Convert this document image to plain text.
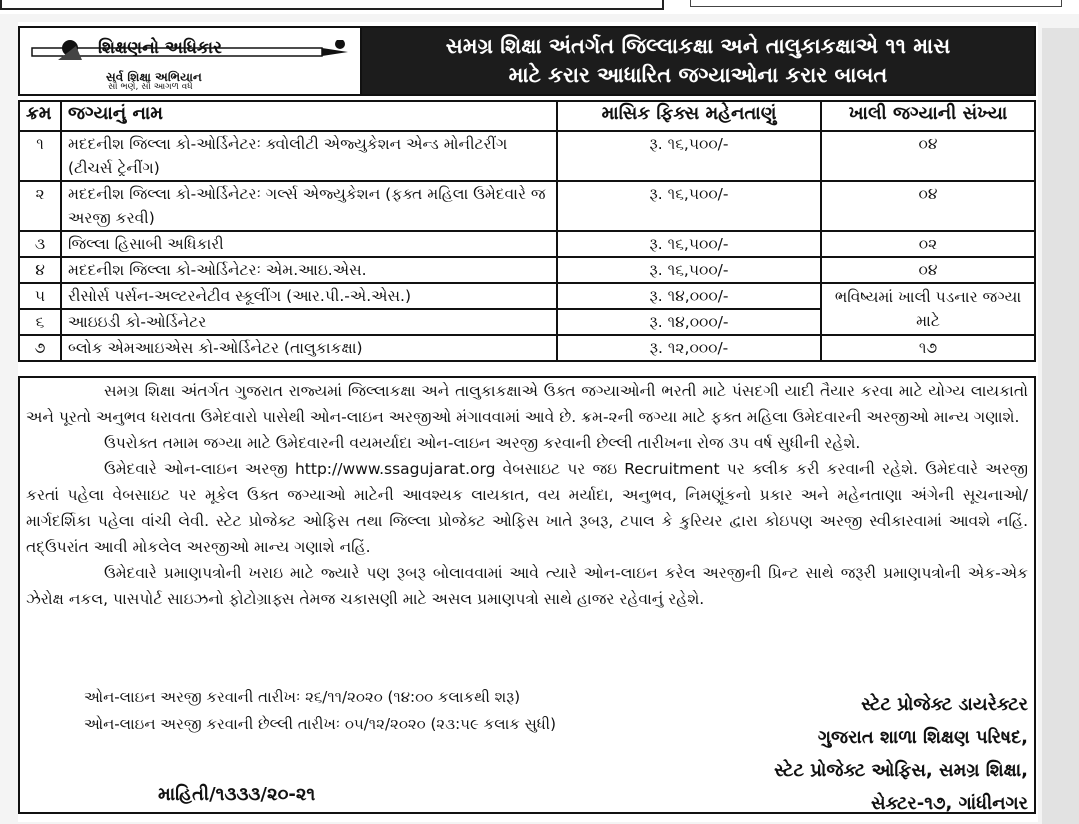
શિક્ષણનો અધિકાર
સર્વ શિક્ષા અભિયાન
સૌ ભણે, સૌ આગળ વધે
સમગ્ર શિક્ષા અંતર્ગત જિલ્લાકક્ષા અને તાલુકાકક્ષાએ ૧૧ માસ
માટે કરાર આધારિત જગ્યાઓના કરાર બાબત
ક્રમ	જગ્યાનું નામ	માસિક ફિક્સ મહેનતાણું	ખાલી જગ્યાની સંખ્યા
૧	મદદનીશ જિલ્લા કો-ઓર્ડિનેટરઃ ક્વોલીટી એજ્યુકેશન એન્ડ મોનીટરીંગ (ટીચર્સ ટ્રેનીંગ)	રૂ. ૧૬,૫૦૦/-	૦૪
૨	મદદનીશ જિલ્લા કો-ઓર્ડિનેટરઃ ગર્લ્સ એજ્યુકેશન (ફક્ત મહિલા ઉમેદવારે જ અરજી કરવી)	રૂ. ૧૬,૫૦૦/-	૦૪
૩	જિલ્લા હિસાબી અધિકારી	રૂ. ૧૬,૫૦૦/-	૦૨
૪	મદદનીશ જિલ્લા કો-ઓર્ડિનેટરઃ એમ.આઇ.એસ.	રૂ. ૧૬,૫૦૦/-	૦૪
૫	રીસોર્સ પર્સન-અલ્ટરનેટીવ સ્કૂલીંગ (આર.પી.-એ.એસ.)	રૂ. ૧૪,૦૦૦/-	ભવિષ્યમાં ખાલી પડનાર જગ્યા માટે
૬	આઇઇડી કો-ઓર્ડિનેટર	રૂ. ૧૪,૦૦૦/-	
૭	બ્લોક એમઆઇએસ કો-ઓર્ડિનેટર (તાલુકાકક્ષા)	રૂ. ૧૨,૦૦૦/-	૧૭

સમગ્ર શિક્ષા અંતર્ગત ગુજરાત રાજ્યમાં જિલ્લાકક્ષા અને તાલુકાકક્ષાએ ઉક્ત જગ્યાઓની ભરતી માટે પંસદગી યાદી તૈયાર કરવા માટે યોગ્ય લાયકાતો અને પૂરતો અનુભવ ધરાવતા ઉમેદવારો પાસેથી ઓન-લાઇન અરજીઓ મંગાવવામાં આવે છે. ક્રમ-૨ની જગ્યા માટે ફક્ત મહિલા ઉમેદવારની અરજીઓ માન્ય ગણાશે.

ઉપરોક્ત તમામ જગ્યા માટે ઉમેદવારની વયમર્યાદા ઓન-લાઇન અરજી કરવાની છેલ્લી તારીખના રોજ ૩૫ વર્ષ સુધીની રહેશે.

ઉમેદવારે ઓન-લાઇન અરજી http://www.ssagujarat.org વેબસાઇટ પર જઇ Recruitment પર ક્લીક કરી કરવાની રહેશે. ઉમેદવારે અરજી કરતાં પહેલા વેબસાઇટ પર મૂકેલ ઉક્ત જગ્યાઓ માટેની આવશ્યક લાયકાત, વય મર્યાદા, અનુભવ, નિમણૂંકનો પ્રકાર અને મહેનતાણા અંગેની સૂચનાઓ/માર્ગદર્શિકા પહેલા વાંચી લેવી. સ્ટેટ પ્રોજેક્ટ ઓફિસ તથા જિલ્લા પ્રોજેક્ટ ઓફિસ ખાતે રૂબરૂ, ટપાલ કે કુરિયર દ્વારા કોઇપણ અરજી સ્વીકારવામાં આવશે નહિં. તદ્ઉપરાંત આવી મોકલેલ અરજીઓ માન્ય ગણાશે નહિં.

ઉમેદવારે પ્રમાણપત્રોની ખરાઇ માટે જ્યારે પણ રૂબરૂ બોલાવવામાં આવે ત્યારે ઓન-લાઇન કરેલ અરજીની પ્રિન્ટ સાથે જરૂરી પ્રમાણપત્રોની એક-એક ઝેરોક્ષ નકલ, પાસપોર્ટ સાઇઝનો ફોટોગ્રાફ્સ તેમજ ચકાસણી માટે અસલ પ્રમાણપત્રો સાથે હાજર રહેવાનું રહેશે.

ઓન-લાઇન અરજી કરવાની તારીખઃ ૨૬/૧૧/૨૦૨૦ (૧૪:૦૦ કલાકથી શરૂ)
ઓન-લાઇન અરજી કરવાની છેલ્લી તારીખઃ ૦૫/૧૨/૨૦૨૦ (૨૩:૫૯ કલાક સુધી)
સ્ટેટ પ્રોજેક્ટ ડાયરેક્ટર
ગુજરાત શાળા શિક્ષણ પરિષદ,
સ્ટેટ પ્રોજેક્ટ ઓફિસ, સમગ્ર શિક્ષા,
સેક્ટર-૧૭, ગાંધીનગર
માહિતી/૧૩૩૩/૨૦-૨૧
